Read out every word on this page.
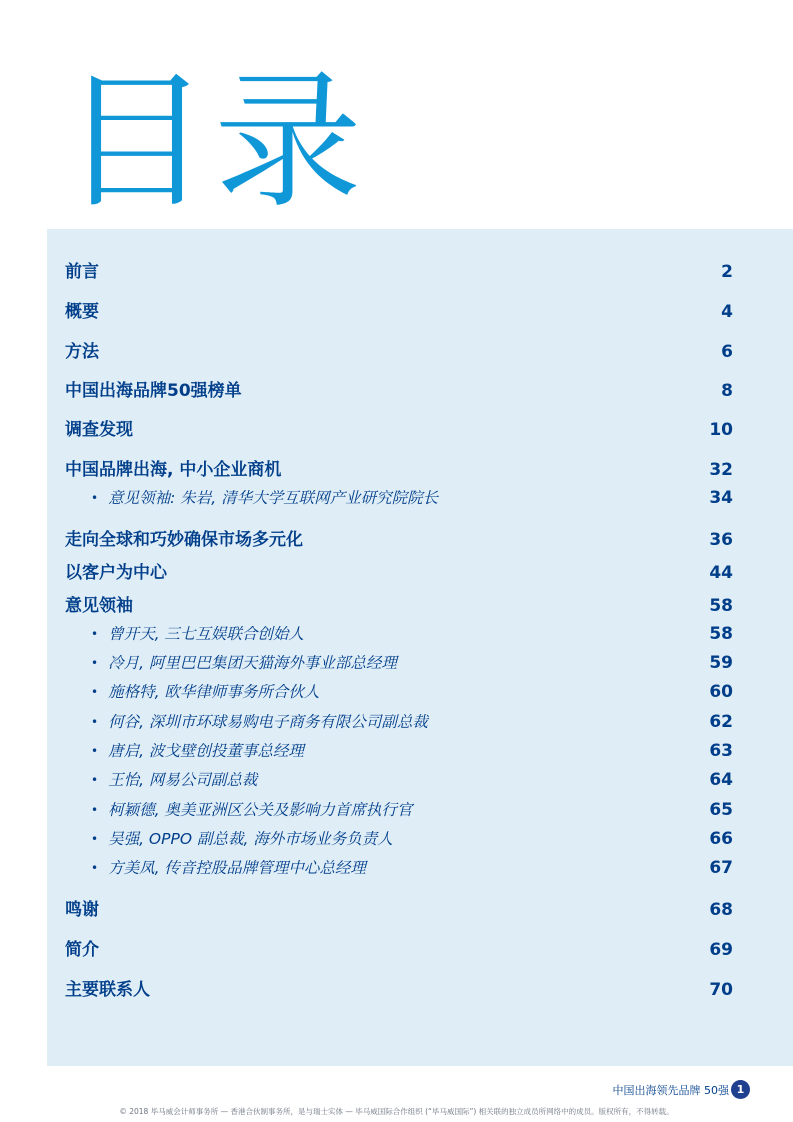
目录
前言	2
概要	4
方法	6
中国出海品牌50强榜单	8
调查发现	10
中国品牌出海, 中小企业商机	32
• 意见领袖: 朱岩, 清华大学互联网产业研究院院长	34
走向全球和巧妙确保市场多元化	36
以客户为中心	44
意见领袖	58
• 曾开天, 三七互娱联合创始人	58
• 冷月, 阿里巴巴集团天猫海外事业部总经理	59
• 施格特, 欧华律师事务所合伙人	60
• 何谷, 深圳市环球易购电子商务有限公司副总裁	62
• 唐启, 波戈壁创投董事总经理	63
• 王怡, 网易公司副总裁	64
• 柯颖德, 奥美亚洲区公关及影响力首席执行官	65
• 吴强, OPPO 副总裁, 海外市场业务负责人	66
• 方美凤, 传音控股品牌管理中心总经理	67
鸣谢	68
简介	69
主要联系人	70
中国出海领先品牌 50强 1
© 2018 毕马威会计师事务所 — 香港合伙制事务所，是与瑞士实体 — 毕马威国际合作组织 (“毕马威国际”) 相关联的独立成员所网络中的成员。版权所有，不得转载。
